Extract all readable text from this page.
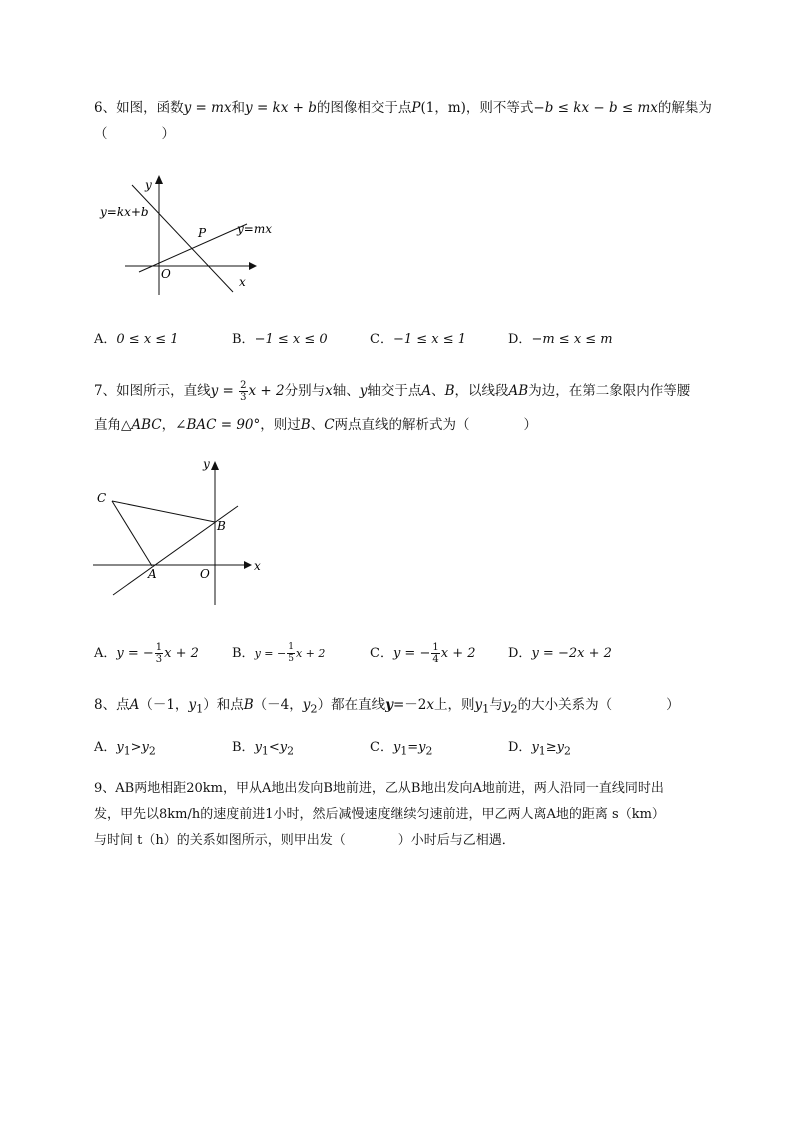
6、如图，函数y = mx和y = kx + b的图像相交于点P(1，m)，则不等式−b ≤ kx − b ≤ mx的解集为
（　　　　）
y
x
O
P
y=kx+b
y=mx
A．0 ≤ x ≤ 1	B．−1 ≤ x ≤ 0	C．−1 ≤ x ≤ 1	D．−m ≤ x ≤ m
7、如图所示，直线$y = \frac{2}{3}$ x + 2分别与x轴、y轴交于点A、B，以线段AB为边，在第二象限内作等腰
直角△ABC，∠BAC = 90°，则过B、C两点直线的解析式为（　　　　）
y
x
O
A
B
C
A．y = − $\frac{1}{3}$ x + 2	B．y = − $\frac{1}{5}$ x + 2	C．y = − $\frac{1}{4}$ x + 2	D．y = −2x + 2
8、点A（－1，$y_1$）和点B（－4，$y_2$）都在直线y=－2x上，则$y_1$与$y_2$的大小关系为（　　　　）
A．$y_1>y_2$	B．$y_1<y_2$	C．$y_1=y_2$	D．$y_1\ge y_2$
9、AB两地相距20km，甲从A地出发向B地前进，乙从B地出发向A地前进，两人沿同一直线同时出
发，甲先以8km/h的速度前进1小时，然后减慢速度继续匀速前进，甲乙两人离A地的距离 s（km）
与时间 t（h）的关系如图所示，则甲出发（　　　　）小时后与乙相遇．
